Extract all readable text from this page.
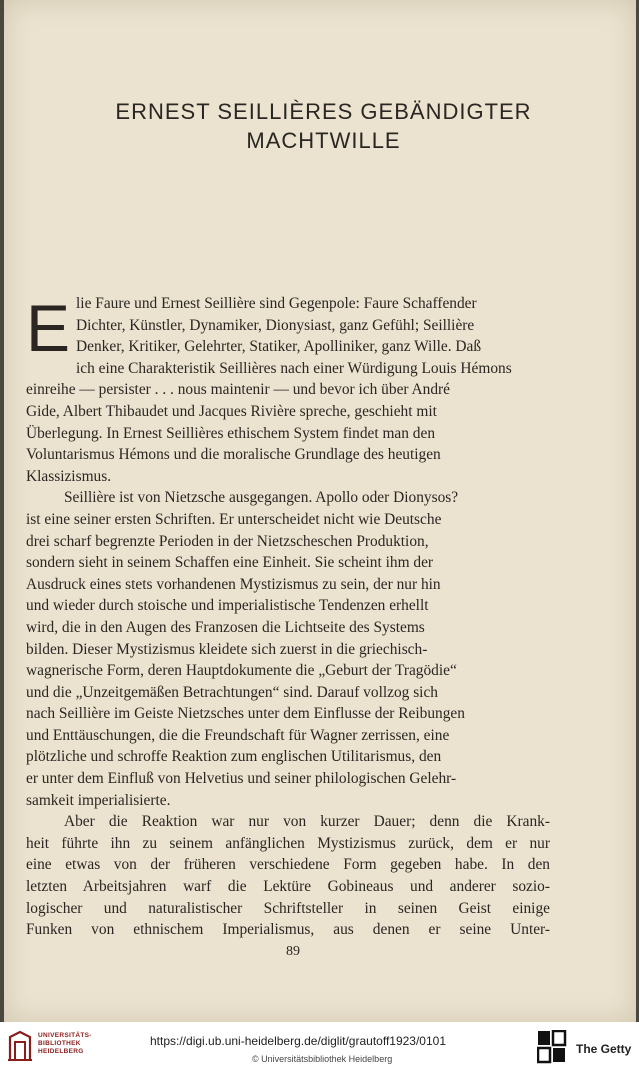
ERNEST SEILLIÈRES GEBÄNDIGTER
MACHTWILLE
E lie Faure und Ernest Seillière sind Gegenpole: Faure Schaffender
Dichter, Künstler, Dynamiker, Dionysiast, ganz Gefühl; Seillière
Denker, Kritiker, Gelehrter, Statiker, Apolliniker, ganz Wille. Daß
ich eine Charakteristik Seillières nach einer Würdigung Louis Hémons
einreihe — persister . . . nous maintenir — und bevor ich über André
Gide, Albert Thibaudet und Jacques Rivière spreche, geschieht mit
Überlegung. In Ernest Seillières ethischem System findet man den
Voluntarismus Hémons und die moralische Grundlage des heutigen
Klassizismus.

Seillière ist von Nietzsche ausgegangen. Apollo oder Dionysos?
ist eine seiner ersten Schriften. Er unterscheidet nicht wie Deutsche
drei scharf begrenzte Perioden in der Nietzscheschen Produktion,
sondern sieht in seinem Schaffen eine Einheit. Sie scheint ihm der
Ausdruck eines stets vorhandenen Mystizismus zu sein, der nur hin
und wieder durch stoische und imperialistische Tendenzen erhellt
wird, die in den Augen des Franzosen die Lichtseite des Systems
bilden. Dieser Mystizismus kleidete sich zuerst in die griechisch-
wagnerische Form, deren Hauptdokumente die „Geburt der Tragödie“
und die „Unzeitgemäßen Betrachtungen“ sind. Darauf vollzog sich
nach Seillière im Geiste Nietzsches unter dem Einflusse der Reibungen
und Enttäuschungen, die die Freundschaft für Wagner zerrissen, eine
plötzliche und schroffe Reaktion zum englischen Utilitarismus, den
er unter dem Einfluß von Helvetius und seiner philologischen Gelehr-
samkeit imperialisierte.

Aber die Reaktion war nur von kurzer Dauer; denn die Krank-
heit führte ihn zu seinem anfänglichen Mystizismus zurück, dem er nur
eine etwas von der früheren verschiedene Form gegeben habe. In den
letzten Arbeitsjahren warf die Lektüre Gobineaus und anderer sozio-
logischer und naturalistischer Schriftsteller in seinen Geist einige
Funken von ethnischem Imperialismus, aus denen er seine Unter-

89
UNIVERSITÄTS-
BIBLIOTHEK
HEIDELBERG
https://digi.ub.uni-heidelberg.de/diglit/grautoff1923/0101
© Universitätsbibliothek Heidelberg
The Getty
